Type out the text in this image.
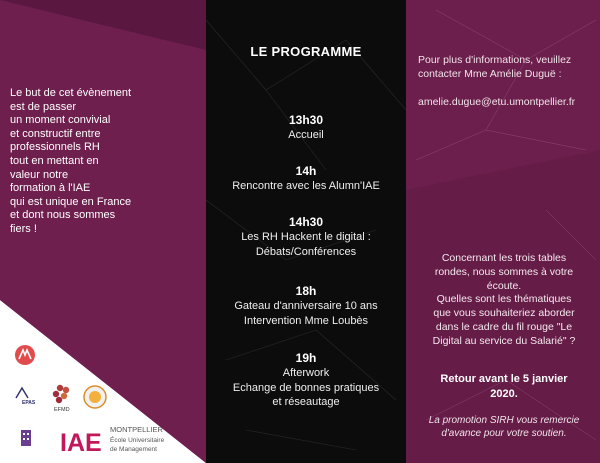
Le but de cet évènement
est de passer
un moment convivial
et constructif entre
professionnels RH
tout en mettant en
valeur notre
formation à l'IAE
qui est unique en France
et dont nous sommes
fiers !
EPAS
EFMD
IAE MONTPELLIER
École Universitaire
de Management
LE PROGRAMME
13h30
Accueil
14h
Rencontre avec les Alumn'IAE
14h30
Les RH Hackent le digital :
Débats/Conférences
18h
Gateau d'anniversaire 10 ans
Intervention Mme Loubès
19h
Afterwork
Echange de bonnes pratiques
et réseautage
Pour plus d'informations, veuillez
contacter Mme Amélie Duguë :
amelie.dugue@etu.umontpellier.fr
Concernant les trois tables
rondes, nous sommes à votre
écoute.
Quelles sont les thématiques
que vous souhaiteriez aborder
dans le cadre du fil rouge "Le
Digital au service du Salarié" ?
Retour avant le 5 janvier
2020.
La promotion SIRH vous remercie
d'avance pour votre soutien.
